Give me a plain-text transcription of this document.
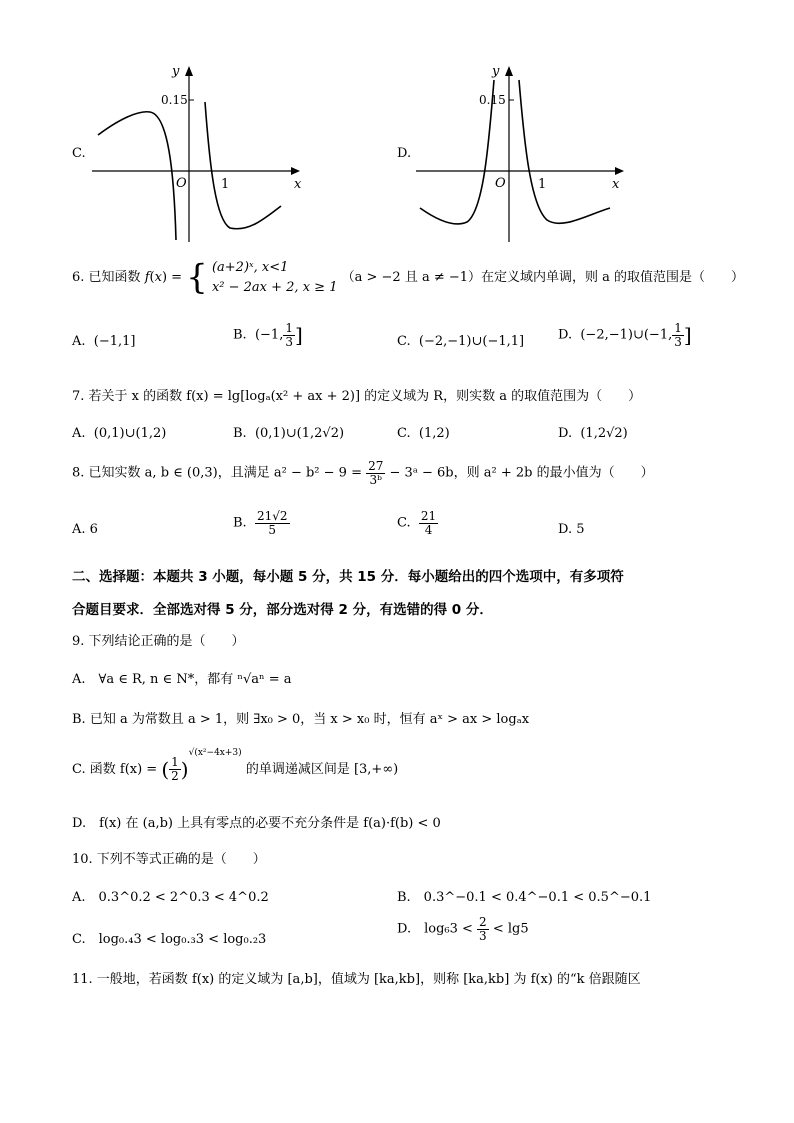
C.
y
0.15
O	1	x
D.
y
0.15
O 1	x
6. 已知函数 f(x) = { (a+2)ˣ, x<1
x² − 2ax + 2, x ≥ 1
（a > −2 且 a ≠ −1）在定义域内单调，则 a 的取值范围是（　　）
A. (−1,1]	B. (−1, $\frac{1}{3}$ ]	C. (−2,−1)∪(−1,1]	D. (−2,−1)∪(−1, $\frac{1}{3}$ ]
7. 若关于 x 的函数 f(x) = lg[logₐ(x² + ax + 2)] 的定义域为 R，则实数 a 的取值范围为（　　）
A. (0,1)∪(1,2)	B. (0,1)∪(1,2√2)	C. (1,2)	D. (1,2√2)
8. 已知实数 a, b ∈ (0,3)，且满足 $a^2 - b^2 - 9 = \frac{27}{\text{3ᵇ}}$ − 3ᵃ − 6b，则 a² + 2b 的最小值为（　　）
A. 6	B. $\frac{21√2}{5}$	C. $\frac{21}{4}$	D. 5
二、选择题：本题共 3 小题，每小题 5 分，共 15 分．每小题给出的四个选项中，有多项符
合题目要求．全部选对得 5 分，部分选对得 2 分，有选错的得 0 分．
9. 下列结论正确的是（　　）
A.　∀a ∈ R, n ∈ N*，都有 ⁿ√aⁿ = a
B. 已知 a 为常数且 a > 1，则 ∃x₀ > 0，当 x > x₀ 时，恒有 aˣ > ax > logₐx
C. 函数 f(x) = ( $\frac{1}{2} )^{√(x^2-4x+3)}$ 的单调递减区间是 [3,+∞)
D.　f(x) 在 (a,b) 上具有零点的必要不充分条件是 f(a)·f(b) < 0
10. 下列不等式正确的是（　　）
A.　0.3^0.2 < 2^0.3 < 4^0.2	B.　0.3^−0.1 < 0.4^−0.1 < 0.5^−0.1
C.　log₀.₄3 < log₀.₃3 < log₀.₂3
D.　$\log_63 < \frac{2}{3} < \lg 5$
11. 一般地，若函数 f(x) 的定义域为 [a,b]，值域为 [ka,kb]，则称 [ka,kb] 为 f(x) 的“k 倍跟随区
